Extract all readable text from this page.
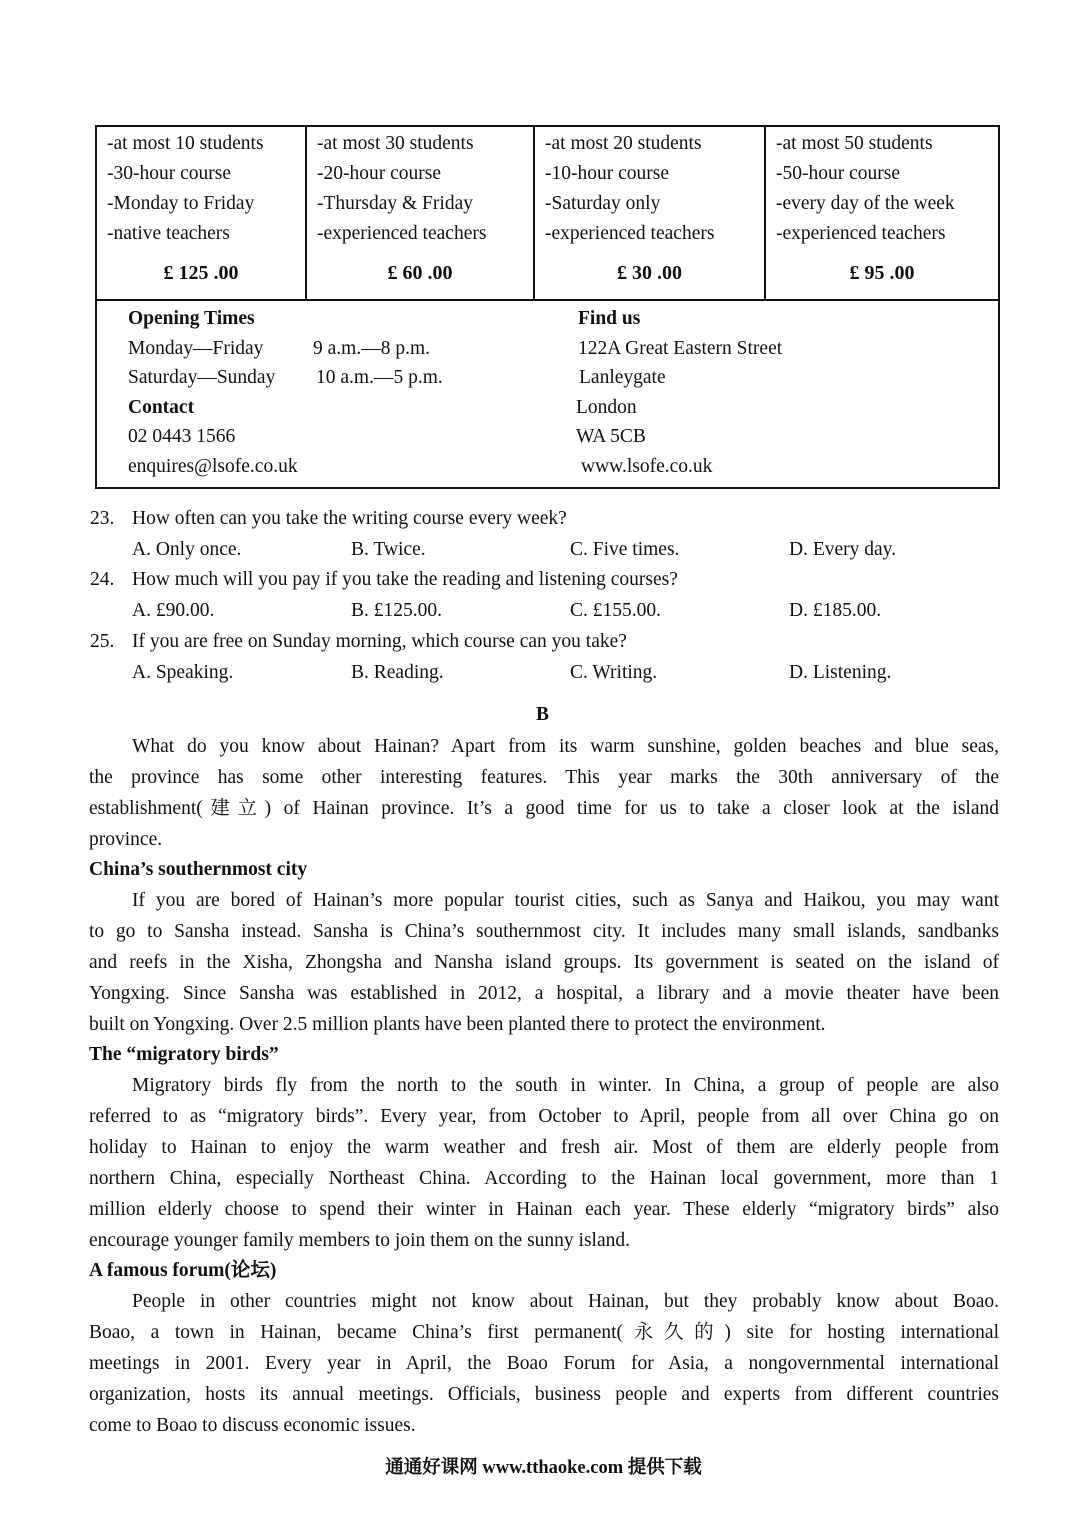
-at most 10 students
-30-hour course
-Monday to Friday
-native teachers
£ 125 .00
-at most 30 students
-20-hour course
-Thursday & Friday
-experienced teachers
£ 60 .00
-at most 20 students
-10-hour course
-Saturday only
-experienced teachers
£ 30 .00
-at most 50 students
-50-hour course
-every day of the week
-experienced teachers
£ 95 .00
Opening Times
Monday—Friday	9 a.m.—8 p.m.
Saturday—Sunday 10 a.m.—5 p.m.
Contact
02 0443 1566
enquires@lsofe.co.uk
Find us
122A Great Eastern Street
Lanleygate
London
WA 5CB
www.lsofe.co.uk
23. How often can you take the writing course every week?
A. Only once.	B. Twice.	C. Five times.	D. Every day.
24. How much will you pay if you take the reading and listening courses?
A. £90.00.	B. £125.00.	C. £155.00.	D. £185.00.
25. If you are free on Sunday morning, which course can you take?
A. Speaking.	B. Reading.	C. Writing.	D. Listening.
B
What do you know about Hainan? Apart from its warm sunshine, golden beaches and blue seas,
the province has some other interesting features. This year marks the 30th anniversary of the
establishment(建立) of Hainan province. It’s a good time for us to take a closer look at the island
province.
China’s southernmost city
If you are bored of Hainan’s more popular tourist cities, such as Sanya and Haikou, you may want
to go to Sansha instead. Sansha is China’s southernmost city. It includes many small islands, sandbanks
and reefs in the Xisha, Zhongsha and Nansha island groups. Its government is seated on the island of
Yongxing. Since Sansha was established in 2012, a hospital, a library and a movie theater have been
built on Yongxing. Over 2.5 million plants have been planted there to protect the environment.
The “migratory birds”
Migratory birds fly from the north to the south in winter. In China, a group of people are also
referred to as “migratory birds”. Every year, from October to April, people from all over China go on
holiday to Hainan to enjoy the warm weather and fresh air. Most of them are elderly people from
northern China, especially Northeast China. According to the Hainan local government, more than 1
million elderly choose to spend their winter in Hainan each year. These elderly “migratory birds” also
encourage younger family members to join them on the sunny island.
A famous forum(论坛)
People in other countries might not know about Hainan, but they probably know about Boao.
Boao, a town in Hainan, became China’s first permanent(永久的) site for hosting international
meetings in 2001. Every year in April, the Boao Forum for Asia, a nongovernmental international
organization, hosts its annual meetings. Officials, business people and experts from different countries
come to Boao to discuss economic issues.
通通好课网 www.tthaoke.com 提供下载
